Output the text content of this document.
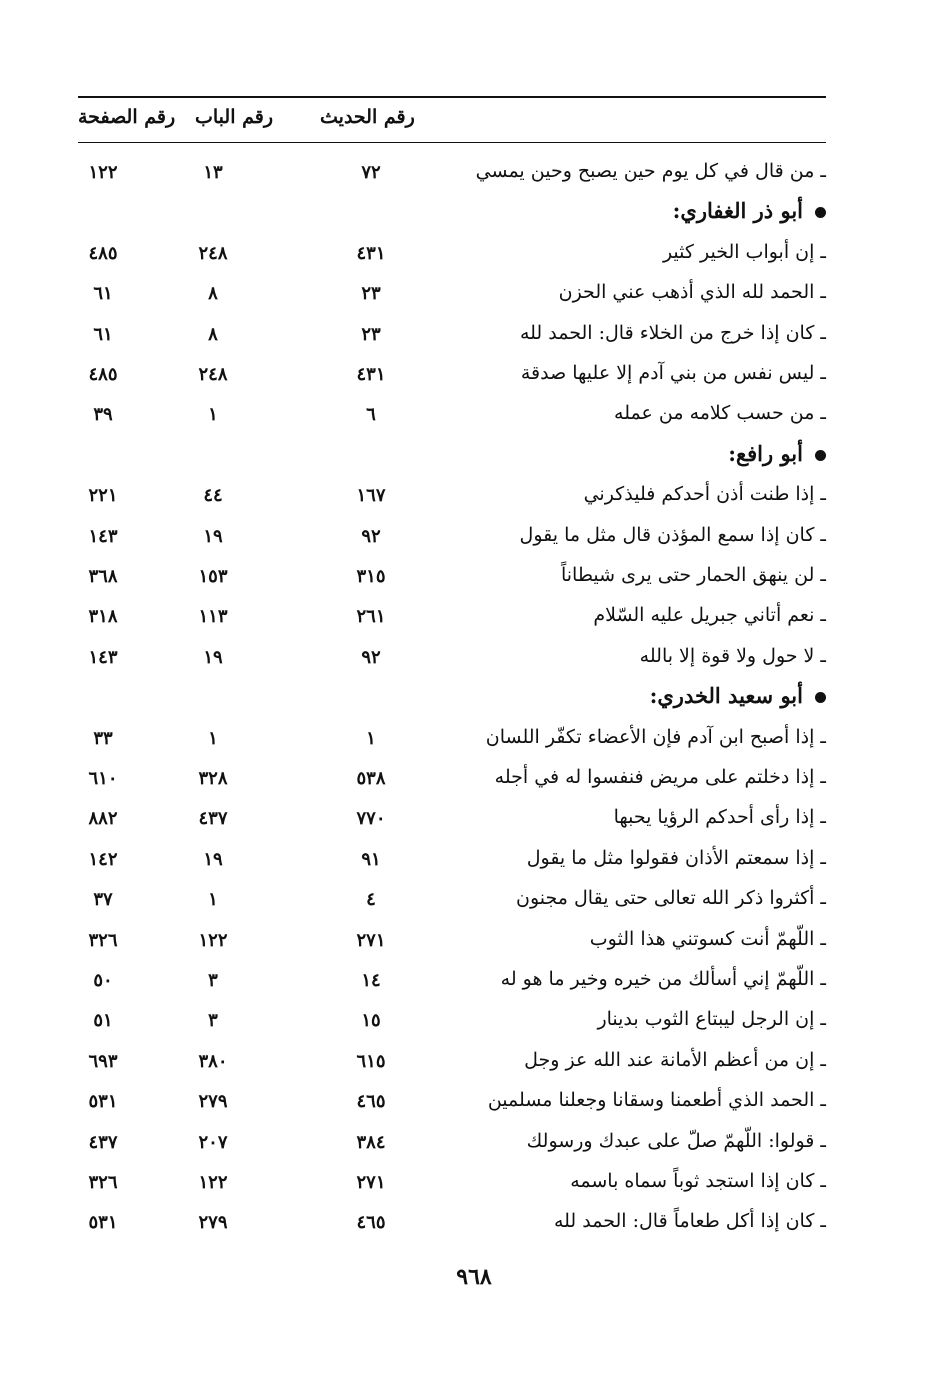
رقم الصفحة رقم الباب رقم الحديث
ـ من قال في كل يوم حين يصبح وحين يمسي
٧٢
١٣
١٢٢
أبو ذر الغفاري:
ـ إن أبواب الخير كثير
٤٣١
٢٤٨
٤٨٥
ـ الحمد لله الذي أذهب عني الحزن
٢٣
٨
٦١
ـ كان إذا خرج من الخلاء قال: الحمد لله
٢٣
٨
٦١
ـ ليس نفس من بني آدم إلا عليها صدقة
٤٣١
٢٤٨
٤٨٥
ـ من حسب كلامه من عمله
٦
١
٣٩
أبو رافع:
ـ إذا طنت أذن أحدكم فليذكرني
١٦٧
٤٤
٢٢١
ـ كان إذا سمع المؤذن قال مثل ما يقول
٩٢
١٩
١٤٣
ـ لن ينهق الحمار حتى يرى شيطاناً
٣١٥
١٥٣
٣٦٨
ـ نعم أتاني جبريل عليه السّلام
٢٦١
١١٣
٣١٨
ـ لا حول ولا قوة إلا بالله
٩٢
١٩
١٤٣
أبو سعيد الخدري:
ـ إذا أصبح ابن آدم فإن الأعضاء تكفّر اللسان
١
١
٣٣
ـ إذا دخلتم على مريض فنفسوا له في أجله
٥٣٨
٣٢٨
٦١٠
ـ إذا رأى أحدكم الرؤيا يحبها
٧٧٠
٤٣٧
٨٨٢
ـ إذا سمعتم الأذان فقولوا مثل ما يقول
٩١
١٩
١٤٢
ـ أكثروا ذكر الله تعالى حتى يقال مجنون
٤
١
٣٧
ـ اللّهمّ أنت كسوتني هذا الثوب
٢٧١
١٢٢
٣٢٦
ـ اللّهمّ إني أسألك من خيره وخير ما هو له
١٤
٣
٥٠
ـ إن الرجل ليبتاع الثوب بدينار
١٥
٣
٥١
ـ إن من أعظم الأمانة عند الله عز وجل
٦١٥
٣٨٠
٦٩٣
ـ الحمد الذي أطعمنا وسقانا وجعلنا مسلمين
٤٦٥
٢٧٩
٥٣١
ـ قولوا: اللّهمّ صلّ على عبدك ورسولك
٣٨٤
٢٠٧
٤٣٧
ـ كان إذا استجد ثوباً سماه باسمه
٢٧١
١٢٢
٣٢٦
ـ كان إذا أكل طعاماً قال: الحمد لله
٤٦٥
٢٧٩
٥٣١
٩٦٨
